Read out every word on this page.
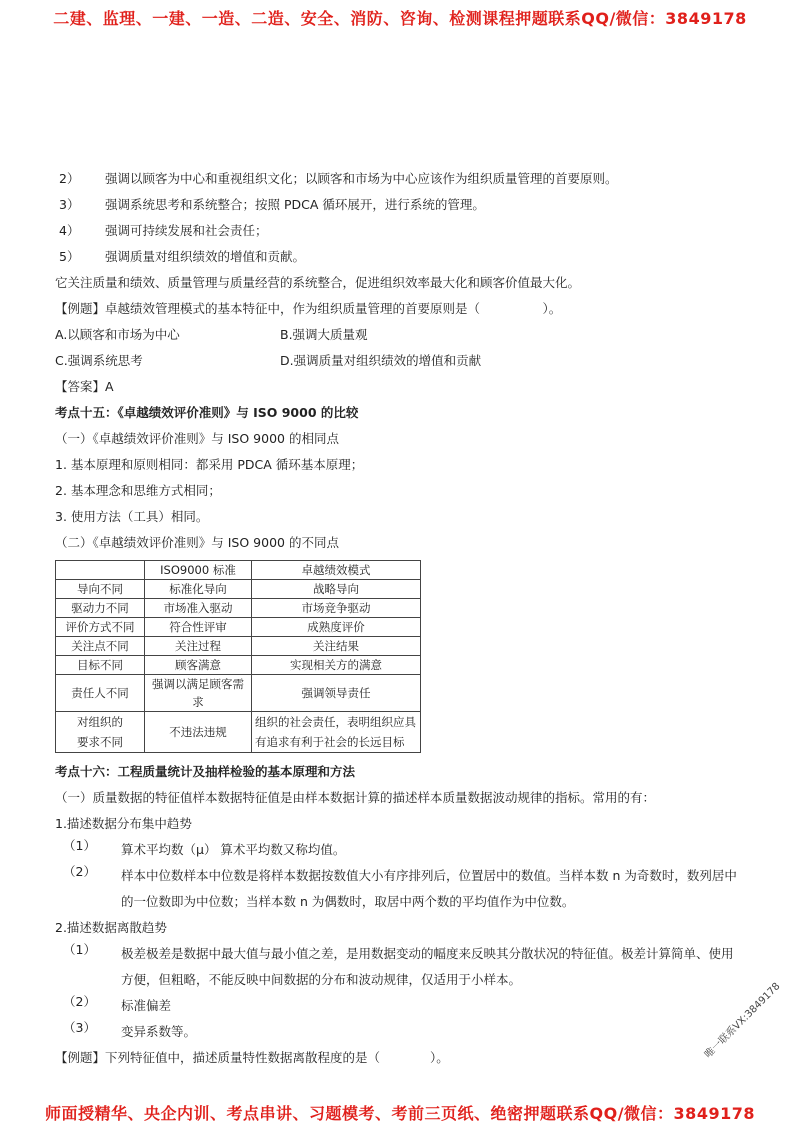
二建、监理、一建、一造、二造、安全、消防、咨询、检测课程押题联系QQ/微信：3849178
2）	强调以顾客为中心和重视组织文化；以顾客和市场为中心应该作为组织质量管理的首要原则。
3）	强调系统思考和系统整合；按照 PDCA 循环展开，进行系统的管理。
4）	强调可持续发展和社会责任；
5）	强调质量对组织绩效的增值和贡献。
它关注质量和绩效、质量管理与质量经营的系统整合，促进组织效率最大化和顾客价值最大化。
【例题】卓越绩效管理模式的基本特征中，作为组织质量管理的首要原则是（　　　　　）。
A.以顾客和市场为中心	B.强调大质量观
C.强调系统思考	D.强调质量对组织绩效的增值和贡献
【答案】A
考点十五：《卓越绩效评价准则》与 ISO 9000 的比较
（一）《卓越绩效评价准则》与 ISO 9000 的相同点
1. 基本原理和原则相同：都采用 PDCA 循环基本原理；
2. 基本理念和思维方式相同；
3. 使用方法（工具）相同。
（二）《卓越绩效评价准则》与 ISO 9000 的不同点
	ISO9000 标准	卓越绩效模式
导向不同	标准化导向	战略导向
驱动力不同	市场准入驱动	市场竞争驱动
评价方式不同	符合性评审	成熟度评价
关注点不同	关注过程	关注结果
目标不同	顾客满意	实现相关方的满意
责任人不同	强调以满足顾客需求	强调领导责任
对组织的
要求不同	不违法违规	组织的社会责任，表明组织应具
有追求有利于社会的长远目标
考点十六：工程质量统计及抽样检验的基本原理和方法
（一）质量数据的特征值样本数据特征值是由样本数据计算的描述样本质量数据波动规律的指标。常用的有：
1.描述数据分布集中趋势
（1）	算术平均数（μ） 算术平均数又称均值。
（2）	样本中位数样本中位数是将样本数据按数值大小有序排列后，位置居中的数值。当样本数 n 为奇数时，数列居中的一位数即为中位数；当样本数 n 为偶数时，取居中两个数的平均值作为中位数。
2.描述数据离散趋势
（1）	极差极差是数据中最大值与最小值之差，是用数据变动的幅度来反映其分散状况的特征值。极差计算简单、使用方便，但粗略，不能反映中间数据的分布和波动规律，仅适用于小样本。
（2）	标准偏差
（3）	变异系数等。
【例题】下列特征值中，描述质量特性数据离散程度的是（　　　　）。	唯一联系VX:3849178
师面授精华、央企内训、考点串讲、习题模考、考前三页纸、绝密押题联系QQ/微信：3849178
